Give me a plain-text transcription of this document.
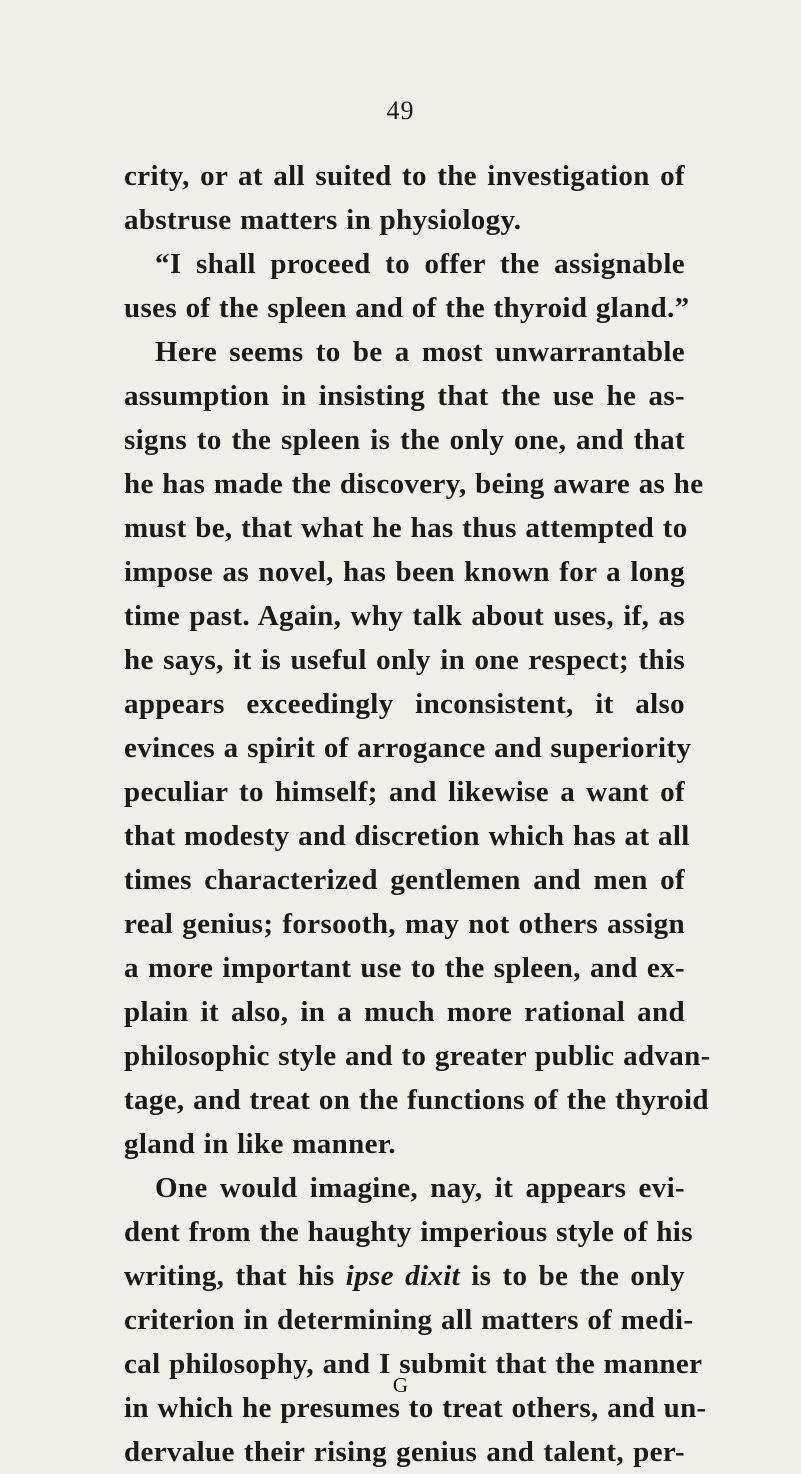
49
crity, or at all suited to the investigation of
abstruse matters in physiology.
“I shall proceed to offer the assignable
uses of the spleen and of the thyroid gland.”
Here seems to be a most unwarrantable
assumption in insisting that the use he as-
signs to the spleen is the only one, and that
he has made the discovery, being aware as he
must be, that what he has thus attempted to
impose as novel, has been known for a long
time past. Again, why talk about uses, if, as
he says, it is useful only in one respect; this
appears exceedingly inconsistent, it also
evinces a spirit of arrogance and superiority
peculiar to himself; and likewise a want of
that modesty and discretion which has at all
times characterized gentlemen and men of
real genius; forsooth, may not others assign
a more important use to the spleen, and ex-
plain it also, in a much more rational and
philosophic style and to greater public advan-
tage, and treat on the functions of the thyroid
gland in like manner.
One would imagine, nay, it appears evi-
dent from the haughty imperious style of his
writing, that his ipse dixit is to be the only
criterion in determining all matters of medi-
cal philosophy, and I submit that the manner
in which he presumes to treat others, and un-
dervalue their rising genius and talent, per-
G
